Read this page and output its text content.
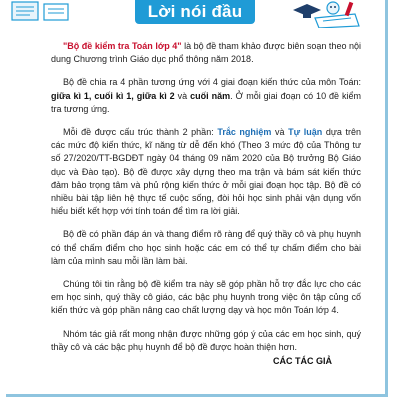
Lời nói đầu

"Bộ đề kiểm tra Toán lớp 4" là bộ đề tham khảo được biên soạn theo nội dung Chương trình Giáo dục phổ thông năm 2018.

Bộ đề chia ra 4 phần tương ứng với 4 giai đoạn kiến thức của môn Toán: giữa kì 1, cuối kì 1, giữa kì 2 và cuối năm. Ở mỗi giai đoạn có 10 đề kiểm tra tương ứng.

Mỗi đề được cấu trúc thành 2 phần: Trắc nghiệm và Tự luận dựa trên các mức độ kiến thức, kĩ năng từ dễ đến khó (Theo 3 mức độ của Thông tư số 27/2020/TT-BGDĐT ngày 04 tháng 09 năm 2020 của Bộ trưởng Bộ Giáo dục và Đào tạo). Bộ đề được xây dựng theo ma trận và bám sát kiến thức đảm bảo trọng tâm và phủ rộng kiến thức ở mỗi giai đoạn học tập. Bộ đề có nhiều bài tập liên hệ thực tế cuộc sống, đòi hỏi học sinh phải vận dụng vốn hiểu biết kết hợp với tính toán để tìm ra lời giải.

Bộ đề có phần đáp án và thang điểm rõ ràng để quý thầy cô và phụ huynh có thể chấm điểm cho học sinh hoặc các em có thể tự chấm điểm cho bài làm của mình sau mỗi lần làm bài.

Chúng tôi tin rằng bộ đề kiểm tra này sẽ góp phần hỗ trợ đắc lực cho các em học sinh, quý thầy cô giáo, các bậc phụ huynh trong việc ôn tập củng cố kiến thức và góp phần nâng cao chất lượng dạy và học môn Toán lớp 4.

Nhóm tác giả rất mong nhận được những góp ý của các em học sinh, quý thầy cô và các bậc phụ huynh để bộ đề được hoàn thiện hơn.

CÁC TÁC GIẢ
